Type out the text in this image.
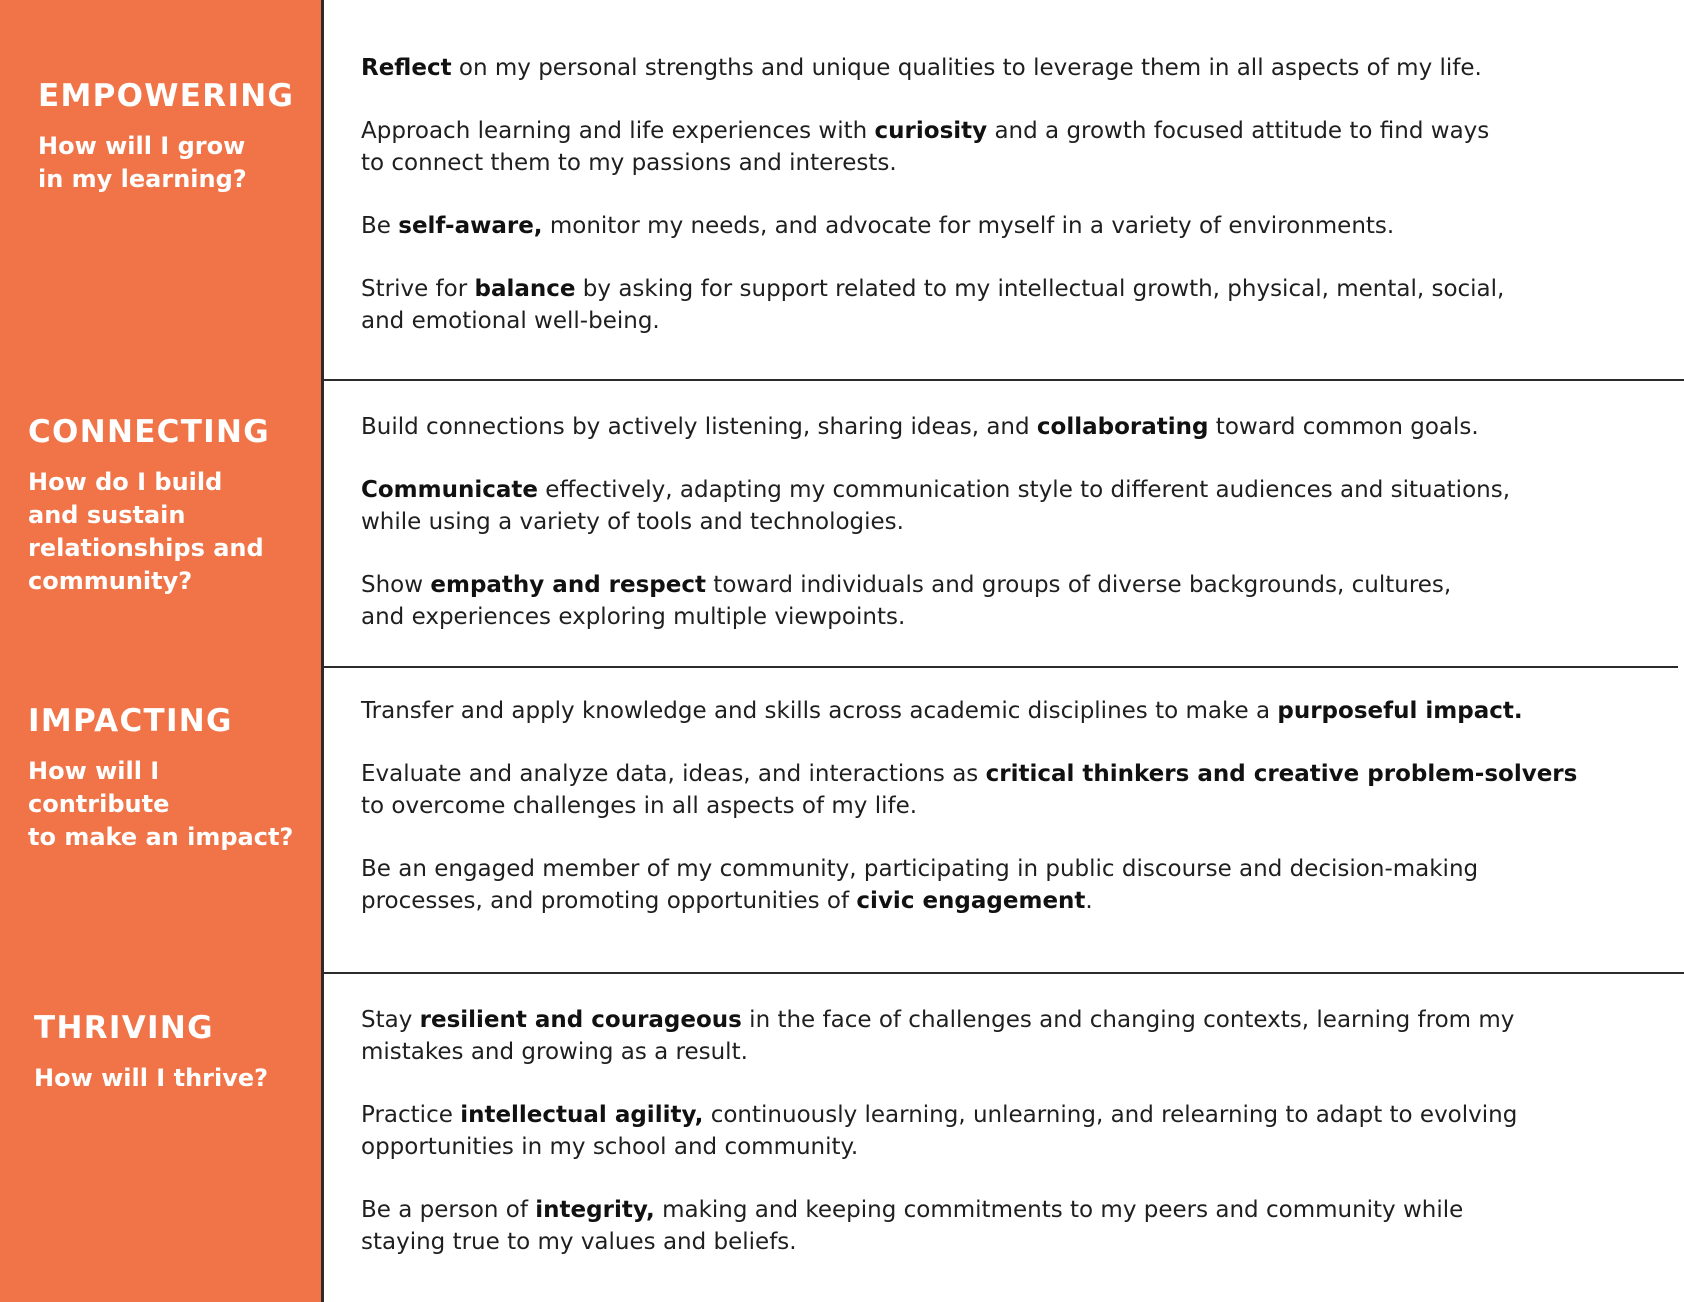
EMPOWERING
How will I grow
in my learning?

Reflect on my personal strengths and unique qualities to leverage them in all aspects of my life.

Approach learning and life experiences with curiosity and a growth focused attitude to find ways
to connect them to my passions and interests.

Be self-aware, monitor my needs, and advocate for myself in a variety of environments.

Strive for balance by asking for support related to my intellectual growth, physical, mental, social,
and emotional well-being.

CONNECTING
How do I build
and sustain
relationships and
community?

Build connections by actively listening, sharing ideas, and collaborating toward common goals.

Communicate effectively, adapting my communication style to different audiences and situations,
while using a variety of tools and technologies.

Show empathy and respect toward individuals and groups of diverse backgrounds, cultures,
and experiences exploring multiple viewpoints.

IMPACTING
How will I contribute
to make an impact?

Transfer and apply knowledge and skills across academic disciplines to make a purposeful impact.

Evaluate and analyze data, ideas, and interactions as critical thinkers and creative problem-solvers
to overcome challenges in all aspects of my life.

Be an engaged member of my community, participating in public discourse and decision-making
processes, and promoting opportunities of civic engagement.

THRIVING
How will I thrive?

Stay resilient and courageous in the face of challenges and changing contexts, learning from my
mistakes and growing as a result.

Practice intellectual agility, continuously learning, unlearning, and relearning to adapt to evolving
opportunities in my school and community.

Be a person of integrity, making and keeping commitments to my peers and community while
staying true to my values and beliefs.
